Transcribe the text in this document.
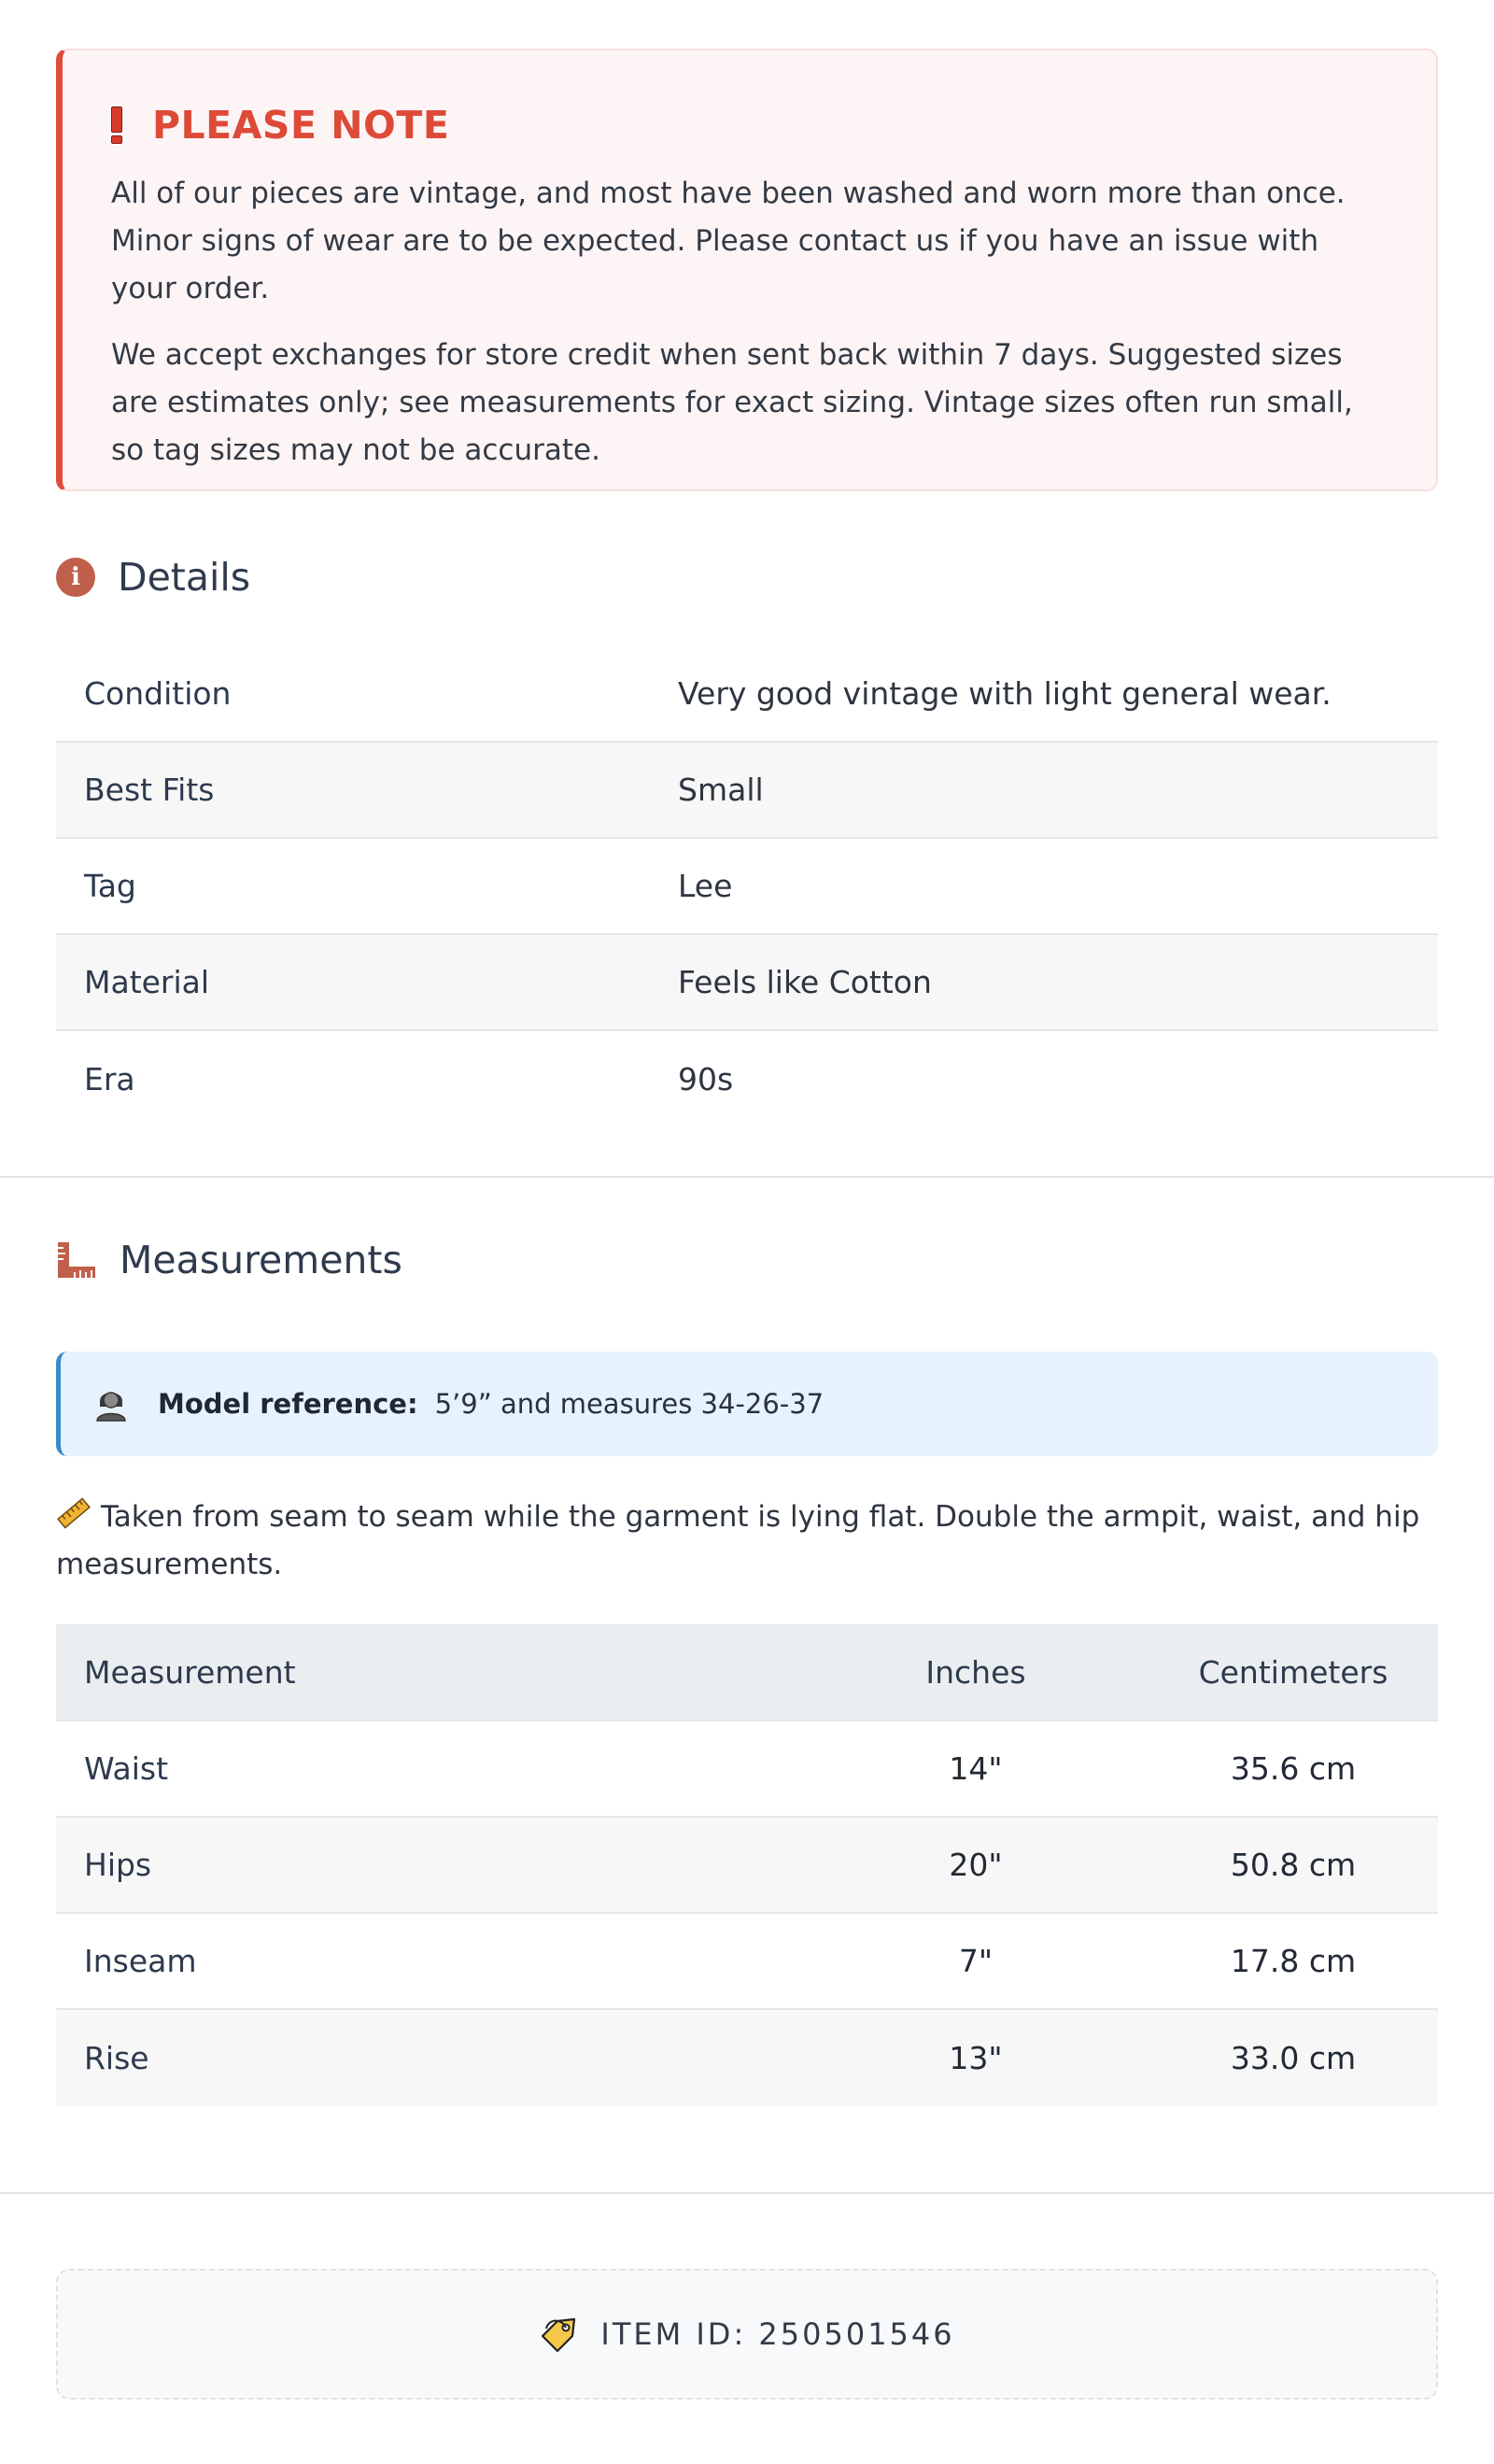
PLEASE NOTE

All of our pieces are vintage, and most have been washed and worn more than once. Minor signs of wear are to be expected. Please contact us if you have an issue with your order.

We accept exchanges for store credit when sent back within 7 days. Suggested sizes are estimates only; see measurements for exact sizing. Vintage sizes often run small, so tag sizes may not be accurate.

i Details
Condition	Very good vintage with light general wear.
Best Fits	Small
Tag	Lee
Material	Feels like Cotton
Era	90s
Measurements
Model reference: 5’9” and measures 34-26-37
Taken from seam to seam while the garment is lying flat. Double the armpit, waist, and hip measurements.
Measurement	Inches	Centimeters
Waist	14"	35.6 cm
Hips	20"	50.8 cm
Inseam	7"	17.8 cm
Rise	13"	33.0 cm
ITEM ID: 250501546
